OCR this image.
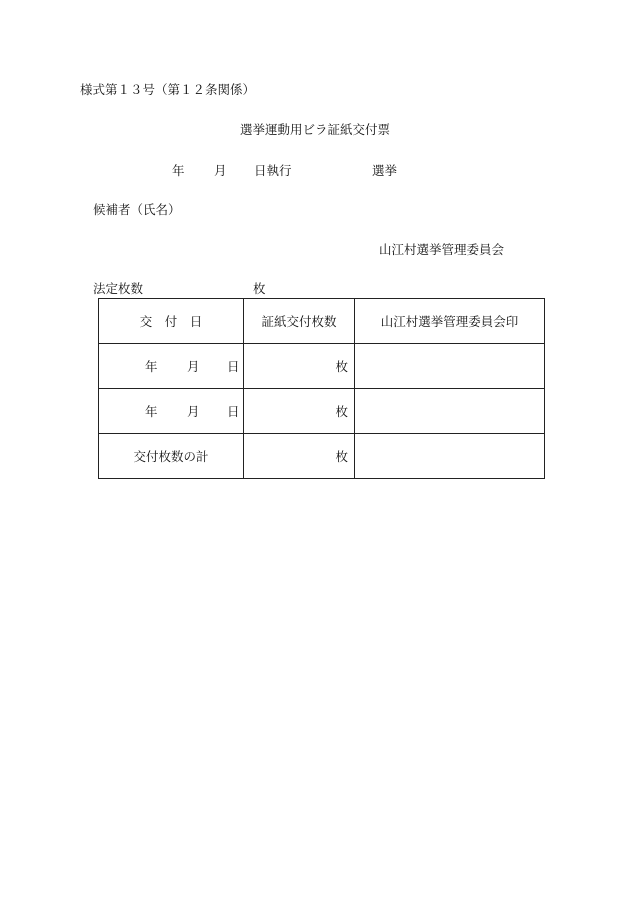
様式第１３号（第１２条関係）
選挙運動用ビラ証紙交付票
年 月 日執行	選挙
候補者（氏名）
山江村選挙管理委員会
法定枚数	枚
交　付　日	証紙交付枚数	山江村選挙管理委員会印

年 月 日	枚	

年 月 日	枚	
交付枚数の計	枚	
